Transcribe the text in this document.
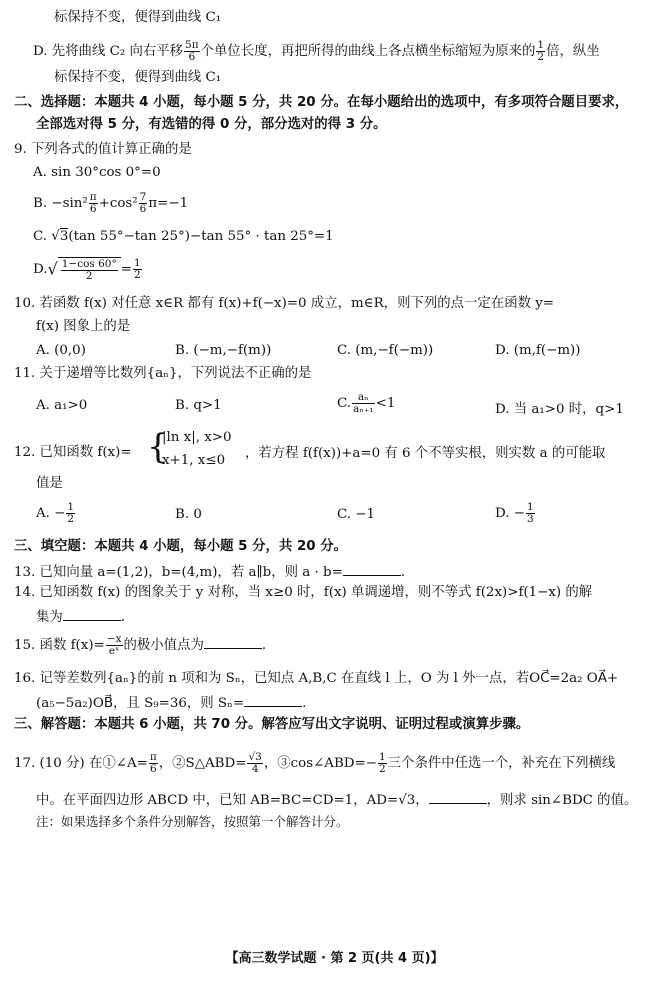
标保持不变，便得到曲线 C₁
D. 先将曲线 C₂ 向右平移 $\frac{5\pi}{6}$ 个单位长度，再把所得的曲线上各点横坐标缩短为原来的 $\frac{1}{2}$ 倍，纵坐
标保持不变，便得到曲线 C₁
二、选择题：本题共 4 小题，每小题 5 分，共 20 分。在每小题给出的选项中，有多项符合题目要求，
全部选对得 5 分，有选错的得 0 分，部分选对的得 3 分。
9. 下列各式的值计算正确的是
A. sin 30°cos 0°=0
B. $-\sin^2 \frac{\pi}{6} +\cos^2 \frac{7}{6} \pi=-1$
C. √3(tan 55°−tan 25°)−tan 55° · tan 25°=1
$D.√ \frac{1-\cos 60^\circ}{2} = \frac{1}{2}$
10. 若函数 f(x) 对任意 x∈R 都有 f(x)+f(−x)=0 成立，m∈R，则下列的点一定在函数 y=
f(x) 图象上的是
A. (0,0)	B. (−m,−f(m))	C. (m,−f(−m))	D. (m,f(−m))
11. 关于递增等比数列{aₙ}，下列说法不正确的是
A. a₁>0	B. q>1	C. $\frac{\text{aₙ}}{\text{aₙ₊₁}} <1$	D. 当 a₁>0 时，q>1
12. 已知函数 f(x)= {
|ln x|, x>0
x+1, x≤0 ，若方程 f(f(x))+a=0 有 6 个不等实根，则实数 a 的可能取
值是
A. − $\frac{1}{2}$	B. 0	C. −1	D. − $\frac{1}{3}$
三、填空题：本题共 4 小题，每小题 5 分，共 20 分。
13. 已知向量 a=(1,2)，b=(4,m)，若 a∥b，则 a · b=	.
14. 已知函数 f(x) 的图象关于 y 对称，当 x≥0 时，f(x) 单调递增，则不等式 f(2x)>f(1−x) 的解
集为	.
15. 函数 $f(x)= \frac{-x}{\text{eˣ}}$ 的极小值点为	.
16. 记等差数列{aₙ}的前 n 项和为 Sₙ，已知点 A,B,C 在直线 l 上，O 为 l 外一点，若OC⃗=2a₂ OA⃗+
(a₅−5a₂)OB⃗，且 S₉=36，则 Sₙ=	.
三、解答题：本题共 6 小题，共 70 分。解答应写出文字说明、证明过程或演算步骤。
17. (10 分) 在①∠A= $\frac{\pi}{6}$ ，②S△ABD= $\frac{√3}{4}$ ，③cos∠ABD=− $\frac{1}{2}$ 三个条件中任选一个，补充在下列横线
中。在平面四边形 ABCD 中，已知 AB=BC=CD=1，AD=√3，	，则求 sin∠BDC 的值。
注：如果选择多个条件分别解答，按照第一个解答计分。
【高三数学试题 · 第 2 页(共 4 页)】
